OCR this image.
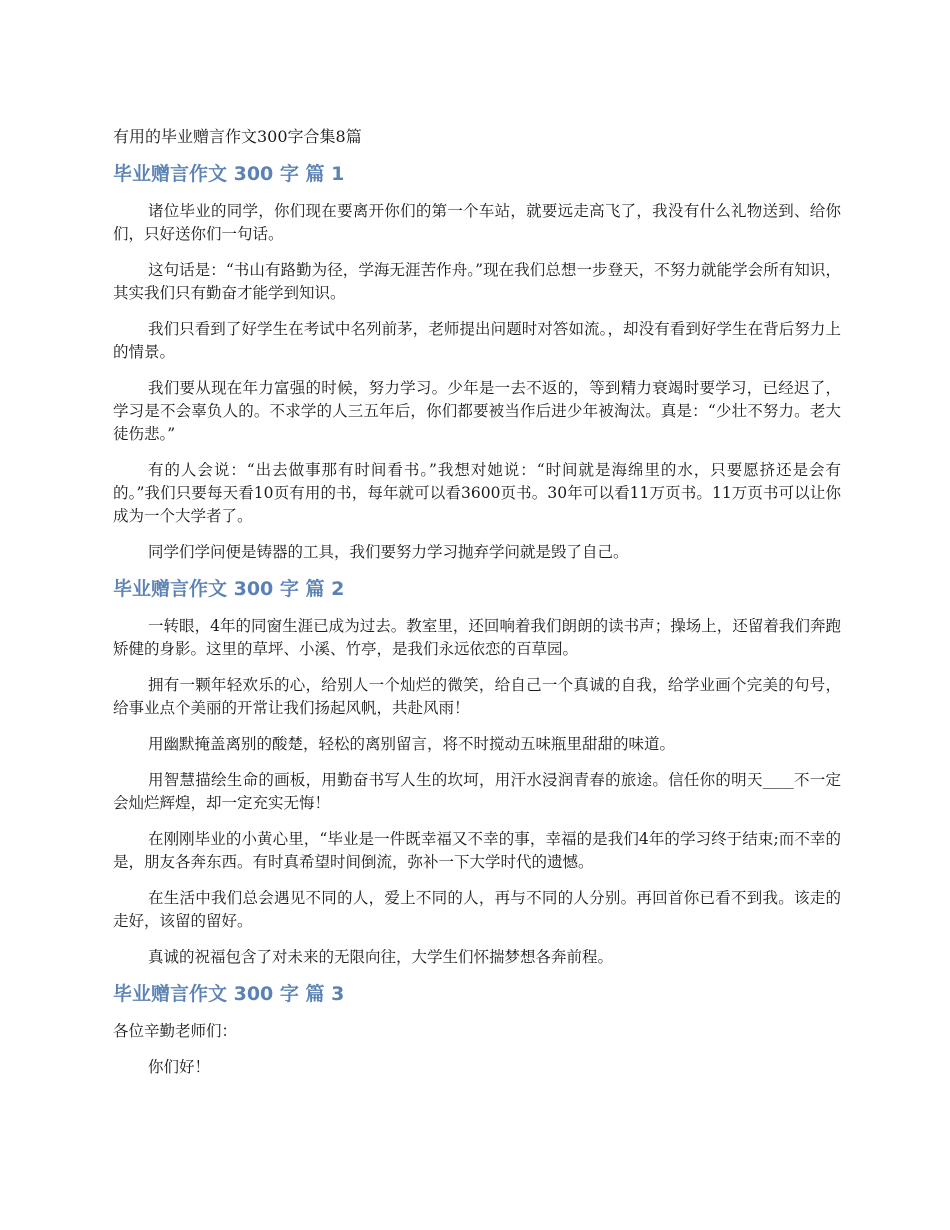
有用的毕业赠言作文300字合集8篇
毕业赠言作文 300 字 篇 1

诸位毕业的同学，你们现在要离开你们的第一个车站，就要远走高飞了，我没有什么礼物送到、给你们，只好送你们一句话。

这句话是：“书山有路勤为径，学海无涯苦作舟。”现在我们总想一步登天，不努力就能学会所有知识，其实我们只有勤奋才能学到知识。

我们只看到了好学生在考试中名列前茅，老师提出问题时对答如流。，却没有看到好学生在背后努力上的情景。

我们要从现在年力富强的时候，努力学习。少年是一去不返的，等到精力衰竭时要学习，已经迟了，学习是不会辜负人的。不求学的人三五年后，你们都要被当作后进少年被淘汰。真是：“少壮不努力。老大徒伤悲。”

有的人会说：“出去做事那有时间看书。”我想对她说：“时间就是海绵里的水，只要愿挤还是会有的。”我们只要每天看10页有用的书，每年就可以看3600页书。30年可以看11万页书。11万页书可以让你成为一个大学者了。

同学们学问便是铸器的工具，我们要努力学习抛弃学问就是毁了自己。

毕业赠言作文 300 字 篇 2

一转眼，4年的同窗生涯已成为过去。教室里，还回响着我们朗朗的读书声；操场上，还留着我们奔跑矫健的身影。这里的草坪、小溪、竹亭，是我们永远依恋的百草园。

拥有一颗年轻欢乐的心，给别人一个灿烂的微笑，给自己一个真诚的自我，给学业画个完美的句号，给事业点个美丽的开常让我们扬起风帆，共赴风雨！

用幽默掩盖离别的酸楚，轻松的离别留言，将不时搅动五味瓶里甜甜的味道。

用智慧描绘生命的画板，用勤奋书写人生的坎坷，用汗水浸润青春的旅途。信任你的明天____不一定会灿烂辉煌，却一定充实无悔！

在刚刚毕业的小黄心里，“毕业是一件既幸福又不幸的事，幸福的是我们4年的学习终于结束;而不幸的是，朋友各奔东西。有时真希望时间倒流，弥补一下大学时代的遗憾。

在生活中我们总会遇见不同的人，爱上不同的人，再与不同的人分别。再回首你已看不到我。该走的走好，该留的留好。

真诚的祝福包含了对未来的无限向往，大学生们怀揣梦想各奔前程。

毕业赠言作文 300 字 篇 3

各位辛勤老师们：

你们好！
